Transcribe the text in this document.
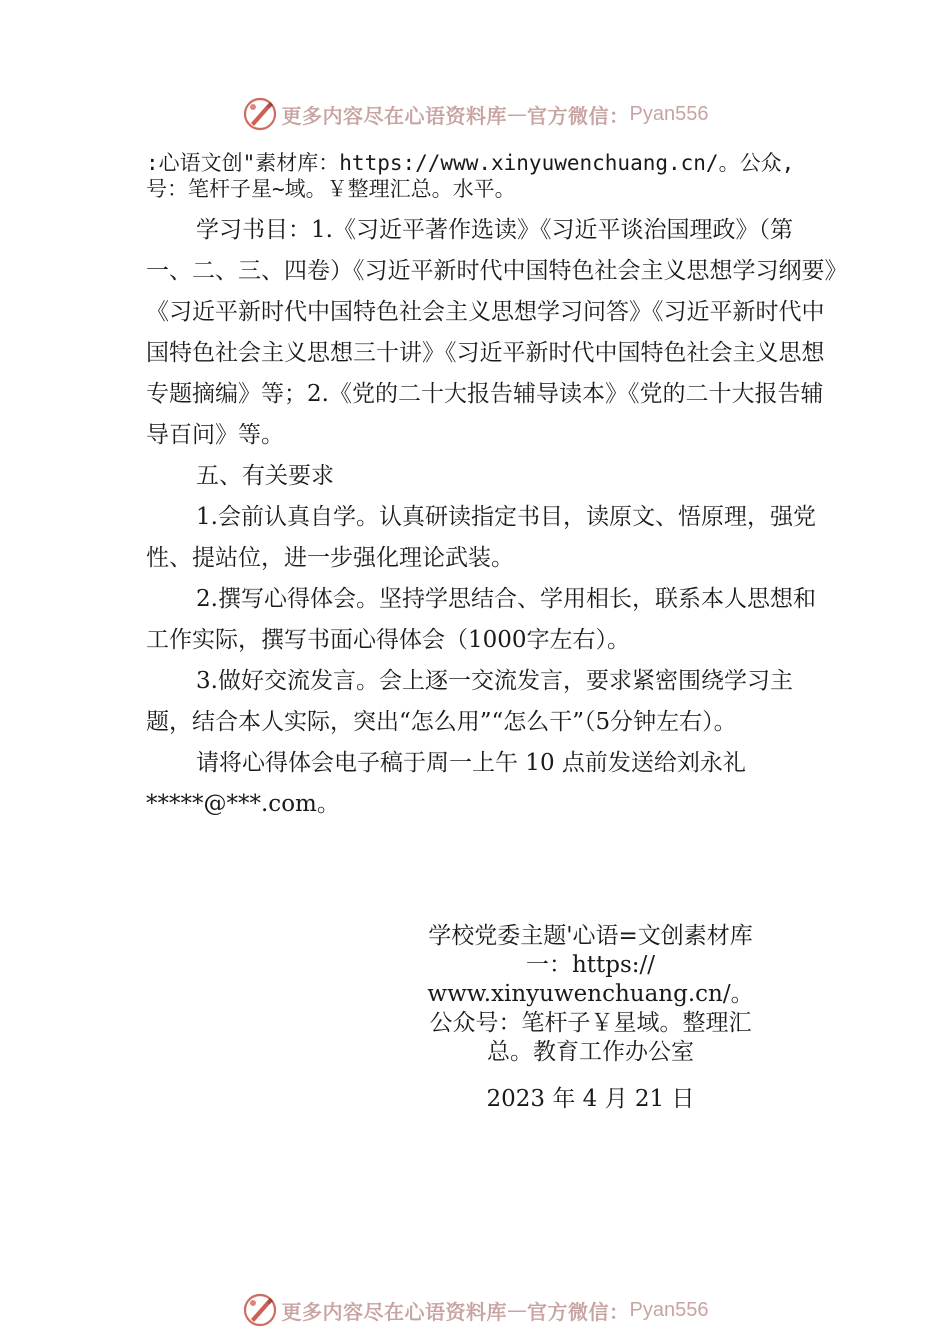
更多内容尽在心语资料库 — 官方微信： Pyan556

:心语文创"素材库：https://www.xinyuwenchuang.cn/。公众,号：笔杆子星~域。￥整理汇总。水平。

学习书目：1.《习近平著作选读》《习近平谈治国理政》（第一、二、三、四卷）《习近平新时代中国特色社会主义思想学习纲要》《习近平新时代中国特色社会主义思想学习问答》《习近平新时代中国特色社会主义思想三十讲》《习近平新时代中国特色社会主义思想专题摘编》等；2.《党的二十大报告辅导读本》《党的二十大报告辅导百问》等。

五、有关要求

1.会前认真自学。认真研读指定书目，读原文、悟原理，强党性、提站位，进一步强化理论武装。

2.撰写心得体会。坚持学思结合、学用相长，联系本人思想和工作实际，撰写书面心得体会（1000字左右）。

3.做好交流发言。会上逐一交流发言，要求紧密围绕学习主题，结合本人实际，突出“怎么用”“怎么干”（5分钟左右）。

请将心得体会电子稿于周一上午 10 点前发送给刘永礼

*****@***.com。

学校党委主题'心语=文创素材库一：https://
www.xinyuwenchuang.cn/。公众号：笔杆子￥星域。整理汇总。教育工作办公室
2023 年 4 月 21 日
更多内容尽在心语资料库 — 官方微信： Pyan556
